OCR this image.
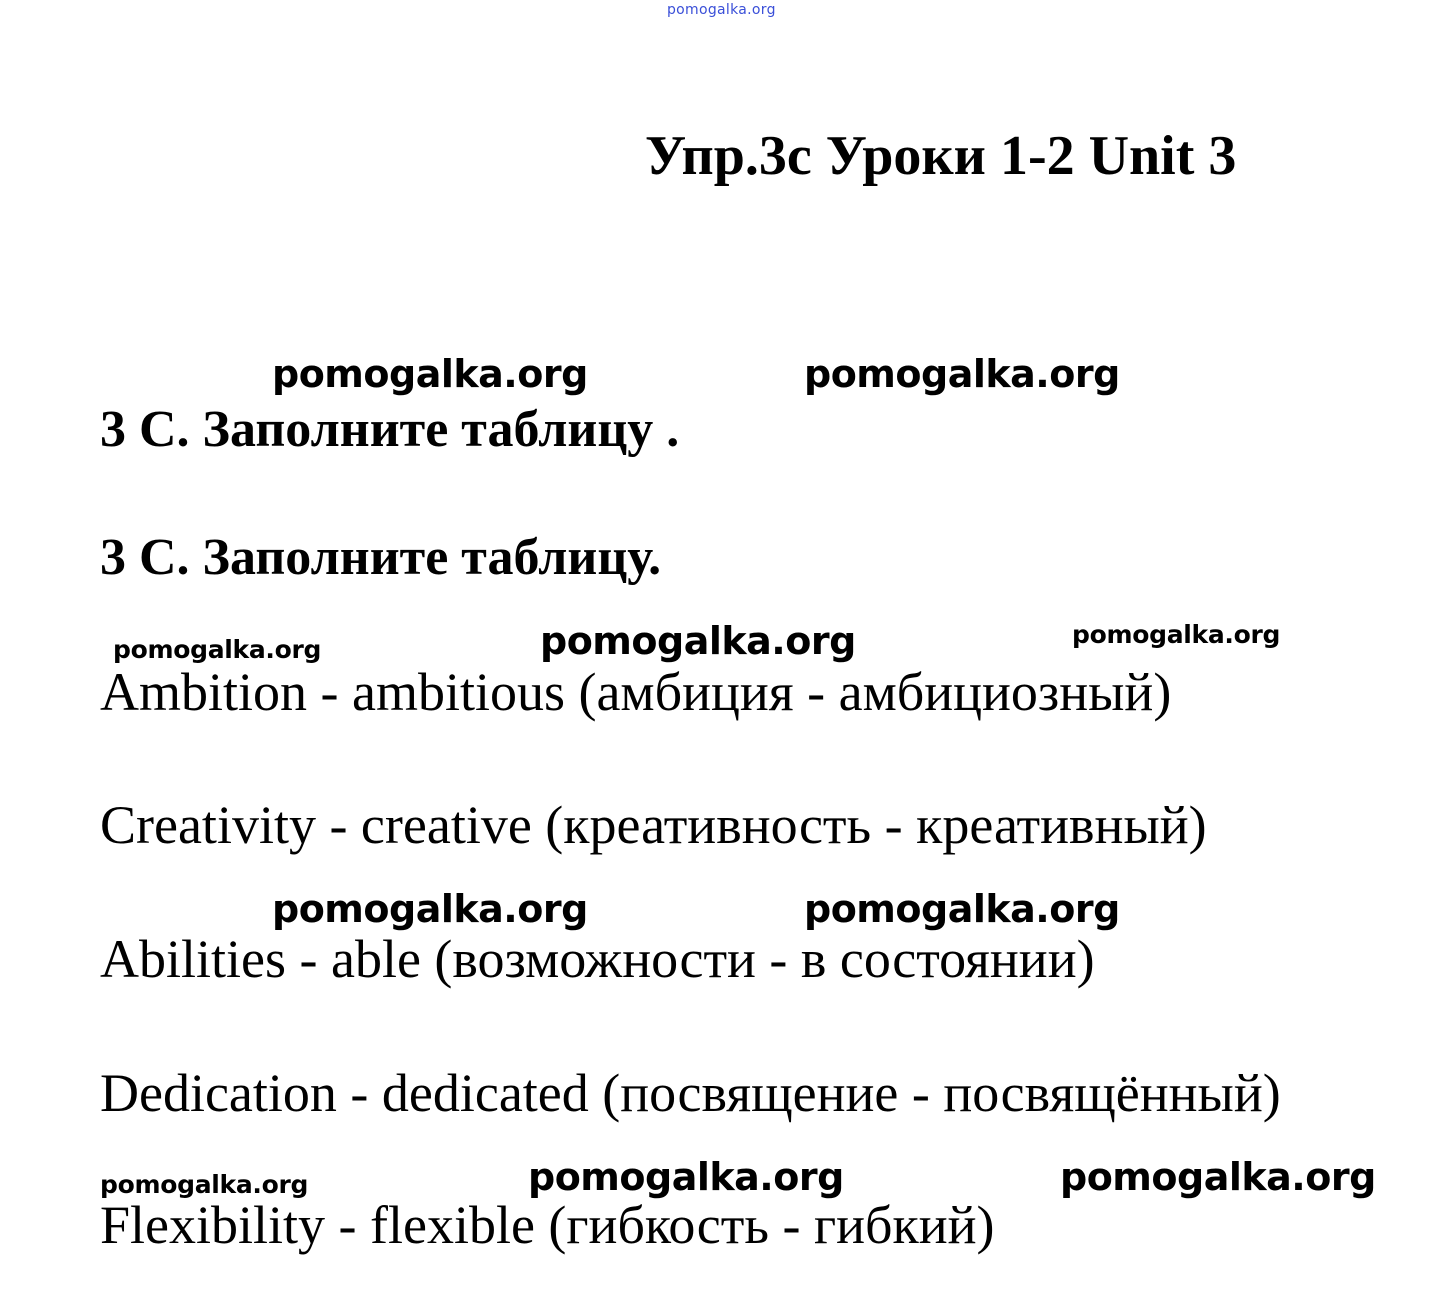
pomogalka.org
Упр.3с Уроки 1-2 Unit 3
pomogalka.org	pomogalka.org
3 С. Заполните таблицу .
3 С. Заполните таблицу.
pomogalka.org	pomogalka.org	pomogalka.org
Ambition - ambitious (амбиция - амбициозный)
Creativity - creative (креативность - креативный)
pomogalka.org	pomogalka.org
Abilities - able (возможности - в состоянии)
Dedication - dedicated (посвящение - посвящённый)
pomogalka.org	pomogalka.org	pomogalka.org
Flexibility - flexible (гибкость - гибкий)
